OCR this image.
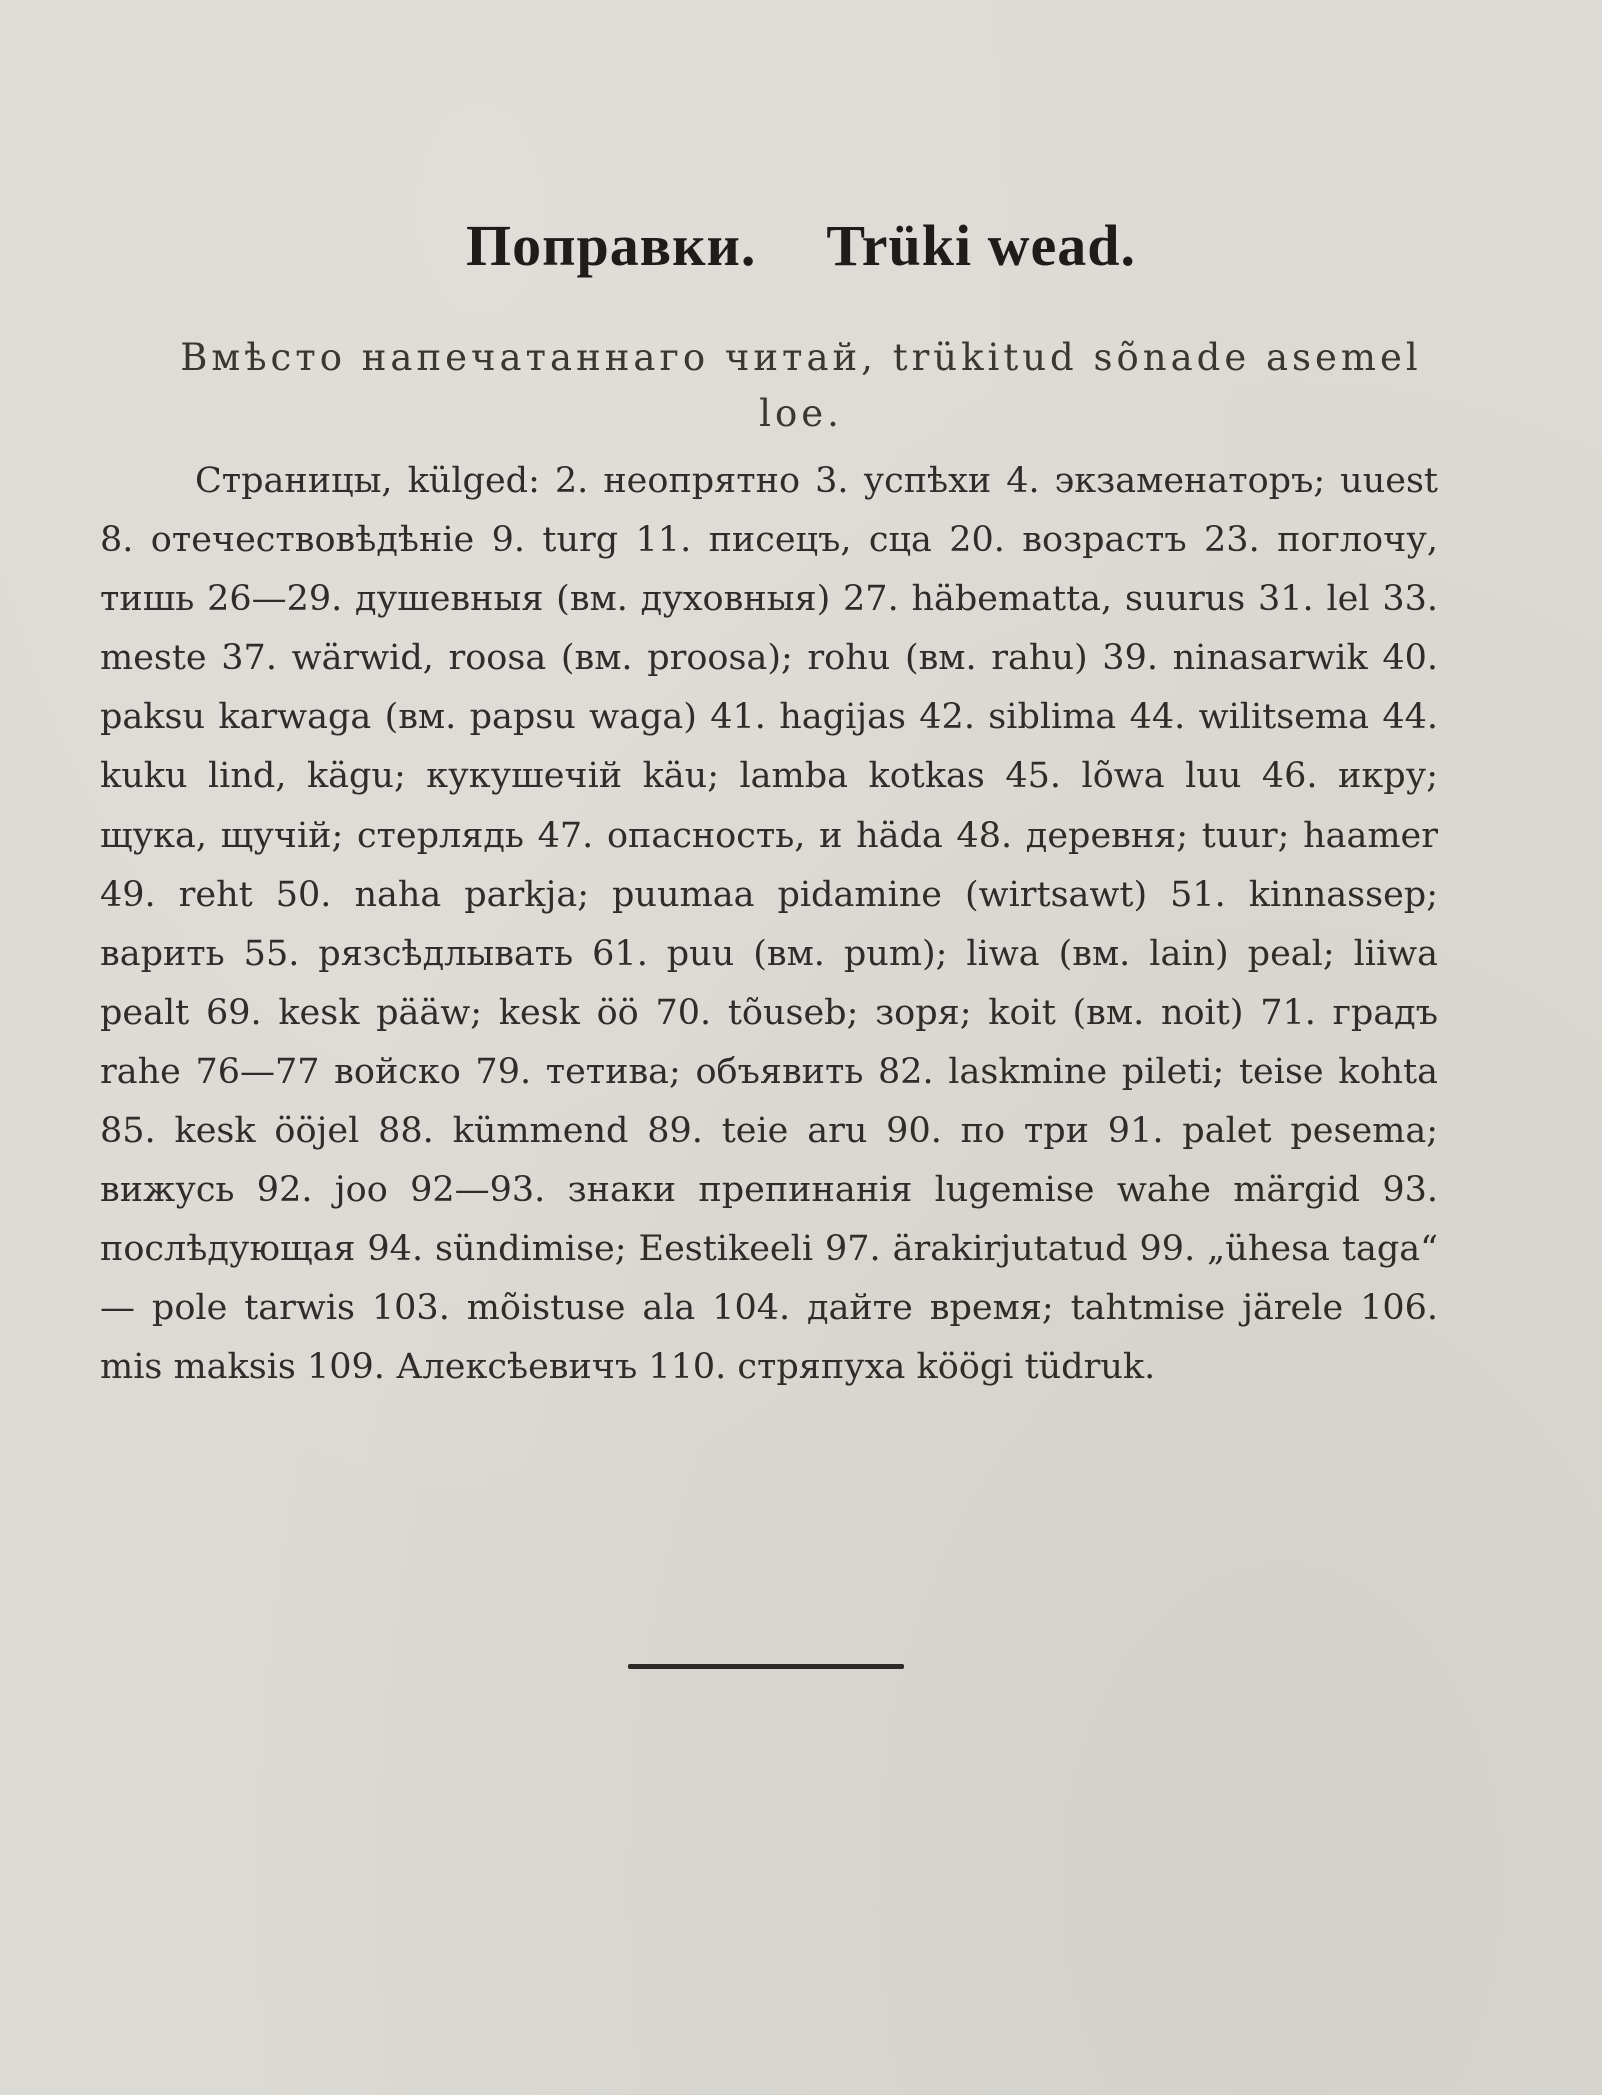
Поправки. Trüki wead.

Вмѣсто напечатаннаго читай, trükitud sõnade asemel loe.

Страницы, külged: 2. неопрятно 3. успѣхи 4. экзаменаторъ; uuest 8. отечествовѣдѣніе 9. turg 11. писецъ, сца 20. возрастъ 23. поглочу, тишь 26—29. душевныя (вм. духовныя) 27. häbematta, suurus 31. lel 33. meste 37. wärwid, roosa (вм. proosa); rohu (вм. rahu) 39. ninasarwik 40. paksu karwaga (вм. papsu waga) 41. hagijas 42. siblima 44. wilitsema 44. kuku lind, kägu; кукушечій käu; lamba kotkas 45. lõwa luu 46. икру; щука, щучій; стерлядь 47. опасность, и häda 48. деревня; tuur; haamer 49. reht 50. naha parkja; puumaa pidamine (wirtsawt) 51. kinnassep; варить 55. рязсѣдлывать 61. puu (вм. pum); liwa (вм. lain) peal; liiwa pealt 69. kesk pääw; kesk öö 70. tõuseb; зоря; koit (вм. noit) 71. градъ rahe 76—77 войско 79. тетива; объявить 82. laskmine pileti; teise kohta 85. kesk ööjel 88. kümmend 89. teie aru 90. по три 91. palet pesema; вижусь 92. joo 92—93. знаки препинанія lugemise wahe märgid 93. послѣдующая 94. sündimise; Eestikeeli 97. ärakirjutatud 99. „ühesa taga“ — pole tarwis 103. mõistuse ala 104. дайте время; tahtmise järele 106. mis maksis 109. Алексѣевичъ 110. стряпуха köögi tüdruk.
